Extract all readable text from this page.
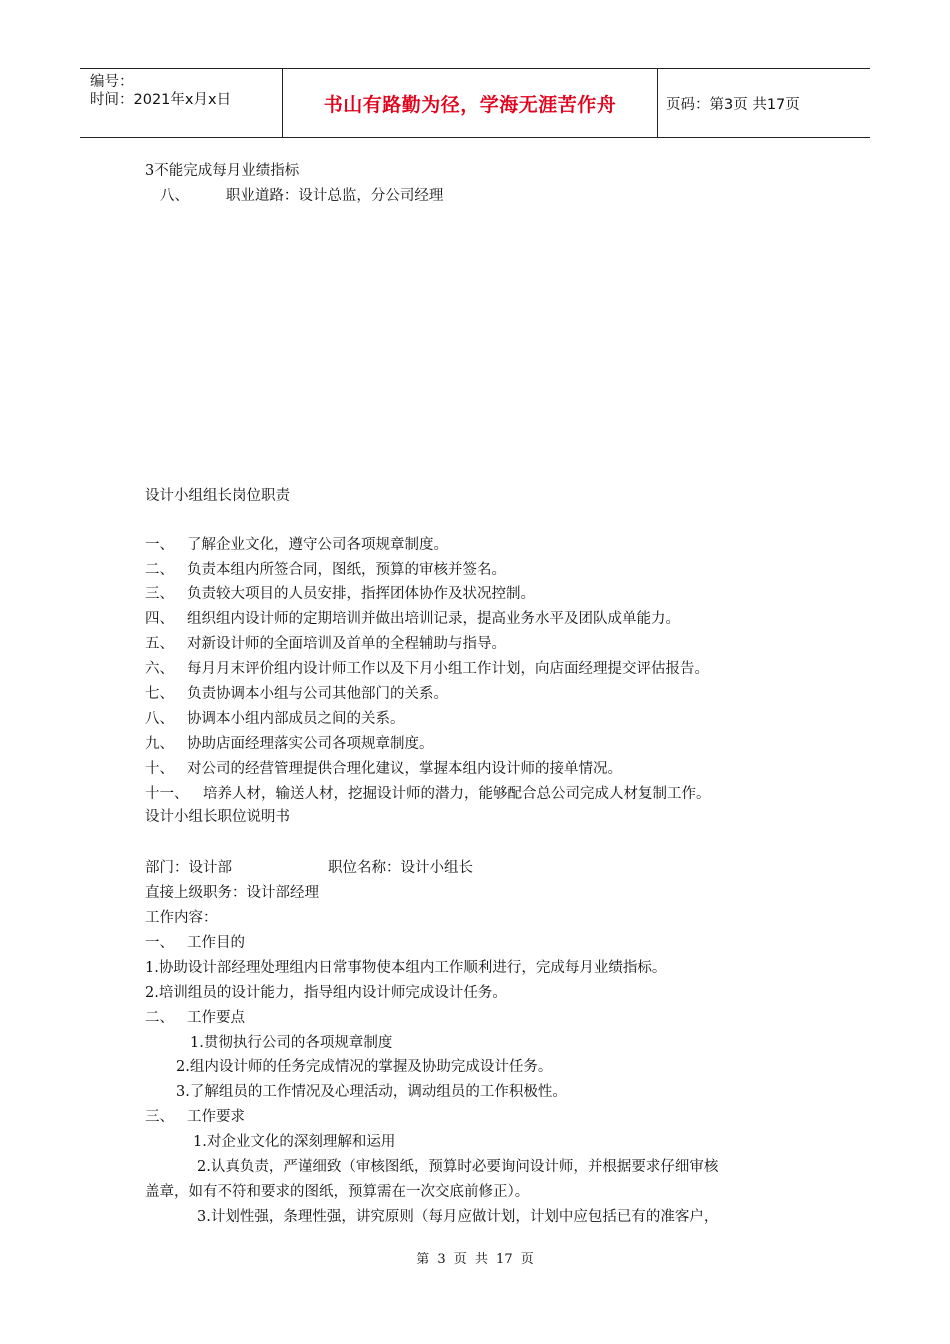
编号：
时间：2021年x月x日	书山有路勤为径，学海无涯苦作舟	页码：第3页 共17页
3不能完成每月业绩指标
八、        职业道路：设计总监，分公司经理
设计小组组长岗位职责
一、 了解企业文化，遵守公司各项规章制度。
二、 负责本组内所签合同，图纸，预算的审核并签名。
三、 负责较大项目的人员安排，指挥团体协作及状况控制。
四、 组织组内设计师的定期培训并做出培训记录，提高业务水平及团队成单能力。
五、 对新设计师的全面培训及首单的全程辅助与指导。
六、 每月月末评价组内设计师工作以及下月小组工作计划，向店面经理提交评估报告。
七、 负责协调本小组与公司其他部门的关系。
八、 协调本小组内部成员之间的关系。
九、 协助店面经理落实公司各项规章制度。
十、 对公司的经营管理提供合理化建议，掌握本组内设计师的接单情况。
十一、 培养人材，输送人材，挖掘设计师的潜力，能够配合总公司完成人材复制工作。
设计小组长职位说明书
部门：设计部	职位名称：设计小组长
直接上级职务：设计部经理
工作内容：
一、 工作目的
1.协助设计部经理处理组内日常事物使本组内工作顺利进行，完成每月业绩指标。
2.培训组员的设计能力，指导组内设计师完成设计任务。
二、 工作要点
1.贯彻执行公司的各项规章制度
2.组内设计师的任务完成情况的掌握及协助完成设计任务。
3.了解组员的工作情况及心理活动，调动组员的工作积极性。
三、 工作要求
1.对企业文化的深刻理解和运用
2.认真负责，严谨细致（审核图纸，预算时必要询问设计师，并根据要求仔细审核
盖章，如有不符和要求的图纸，预算需在一次交底前修正）。
3.计划性强，条理性强，讲究原则（每月应做计划，计划中应包括已有的准客户，
第 3 页 共 17 页
